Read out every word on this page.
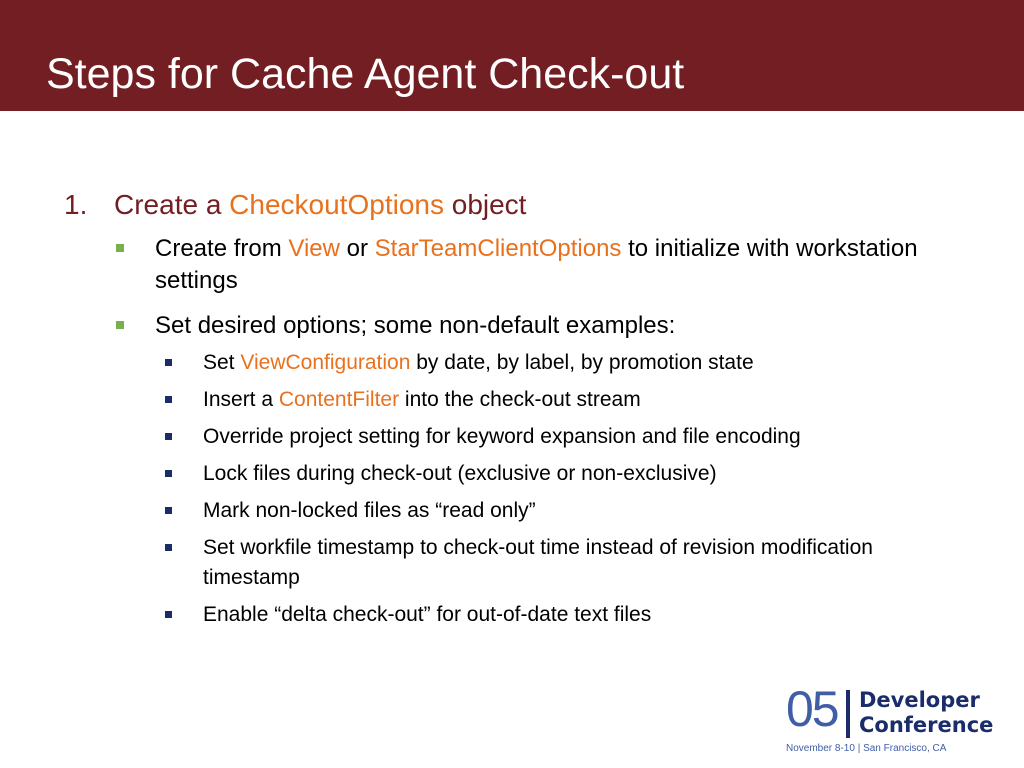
Steps for Cache Agent Check-out
1. Create a CheckoutOptions object
Create from View or StarTeamClientOptions to initialize with workstation settings
Set desired options; some non-default examples:
Set ViewConfiguration by date, by label, by promotion state
Insert a ContentFilter into the check-out stream
Override project setting for keyword expansion and file encoding
Lock files during check-out (exclusive or non-exclusive)
Mark non-locked files as “read only”
Set workfile timestamp to check-out time instead of revision modification timestamp
Enable “delta check-out” for out-of-date text files
05 Developer
Conference
November 8-10 | San Francisco, CA
